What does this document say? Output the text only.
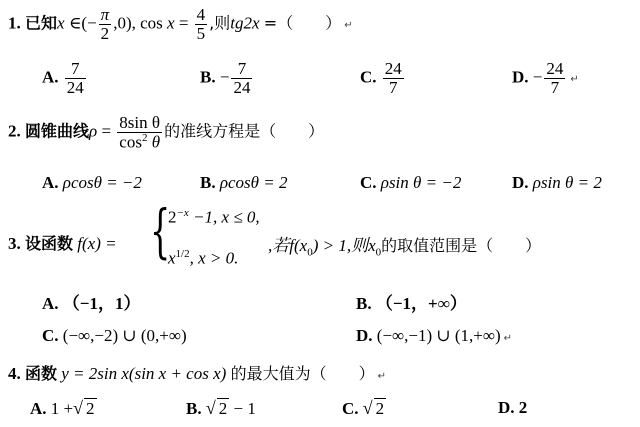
1. 已知x ∈(− $\frac{\pi}{2} ,0$), $\cos x = \frac{4}{5}$ ,则tg2x =（　　） ↵
A. $\frac{7}{24}$	B. − $\frac{7}{24}$	C. $\frac{24}{7}$	D. − $\frac{24}{7}$ ↵
2. 圆锥曲线$\rho = \frac{\text{8sin θ}}{\cos^2 \theta}$ 的准线方程是（　　）
A. ρcosθ = −2	B. ρcosθ = 2	C. ρsin θ = −2	D. ρsin θ = 2
3. 设函数 f(x) = {
$2^{-x} -1$, x ≤ 0,
$x^{1/2}$, x > 0.
,若$f(x_0) > 1$,则$x_0$的取值范围是（　　）
A. （−1，1）	B. （−1，+∞）
C. (−∞,−2) ∪ (0,+∞)	D. (−∞,−1) ∪ (1,+∞) ↵
4. 函数 y = 2sin x(sin x + cos x) 的最大值为（　　） ↵
A. 1 +√ 2	B. √ 2 − 1	C. √ 2	D. 2
